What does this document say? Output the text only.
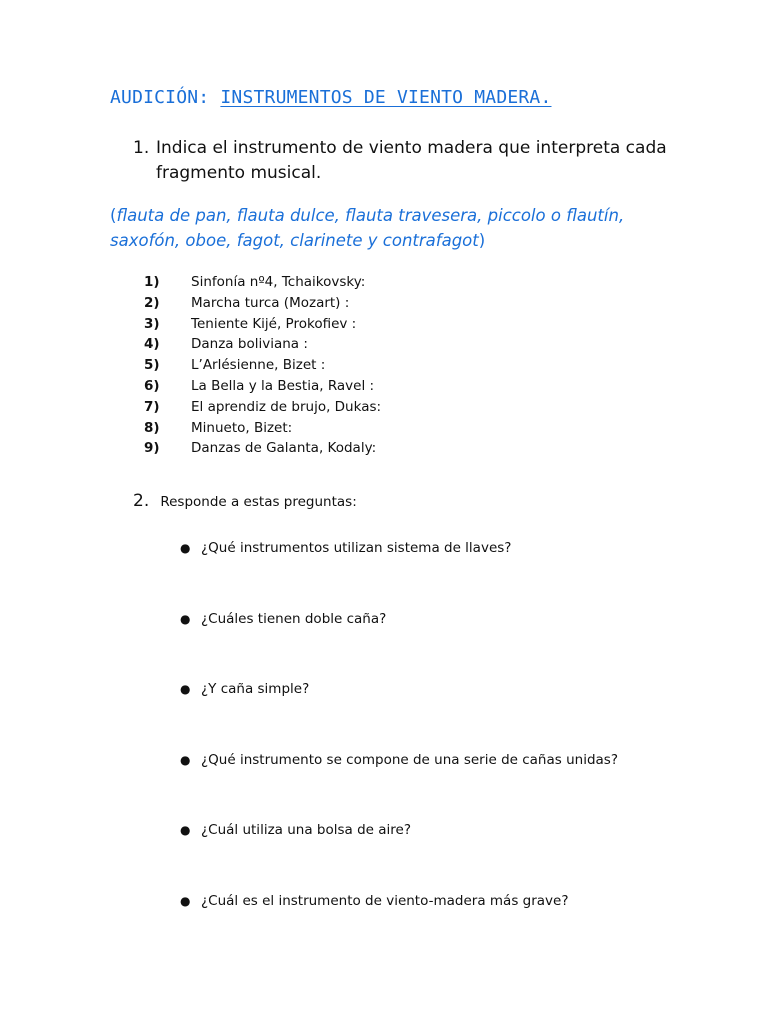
AUDICIÓN: INSTRUMENTOS DE VIENTO MADERA.
1. Indica el instrumento de viento madera que interpreta cada fragmento musical.
(flauta de pan, flauta dulce, flauta travesera, piccolo o flautín, saxofón, oboe, fagot, clarinete y contrafagot)
1)	Sinfonía nº4, Tchaikovsky:
2)	Marcha turca (Mozart) :
3)	Teniente Kijé, Prokofiev :
4)	Danza boliviana :
5)	L’Arlésienne, Bizet :
6)	La Bella y la Bestia, Ravel :
7)	El aprendiz de brujo, Dukas:
8)	Minueto, Bizet:
9)	Danzas de Galanta, Kodaly:
2. Responde a estas preguntas:
● ¿Qué instrumentos utilizan sistema de llaves?
● ¿Cuáles tienen doble caña?
● ¿Y caña simple?
● ¿Qué instrumento se compone de una serie de cañas unidas?
● ¿Cuál utiliza una bolsa de aire?
● ¿Cuál es el instrumento de viento-madera más grave?
